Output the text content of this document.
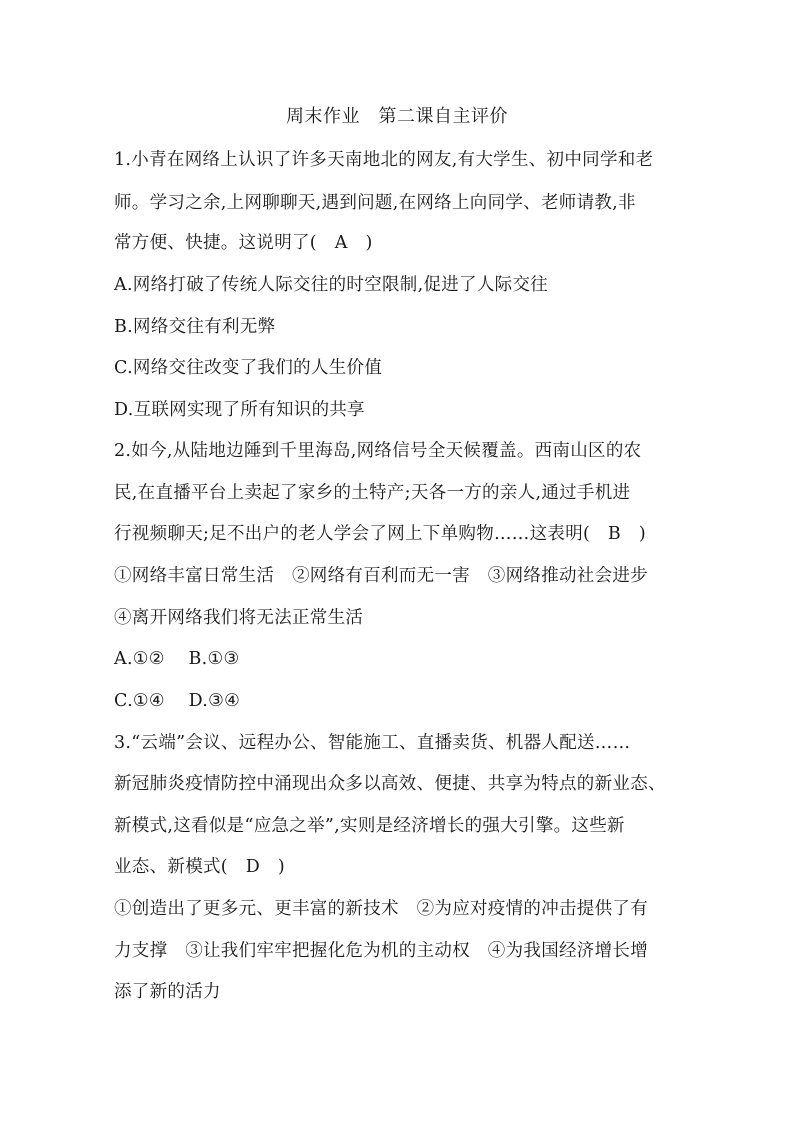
周末作业　第二课自主评价
1.小青在网络上认识了许多天南地北的网友,有大学生、初中同学和老
师。学习之余,上网聊聊天,遇到问题,在网络上向同学、老师请教,非
常方便、快捷。这说明了(　A　)
A.网络打破了传统人际交往的时空限制,促进了人际交往
B.网络交往有利无弊
C.网络交往改变了我们的人生价值
D.互联网实现了所有知识的共享
2.如今,从陆地边陲到千里海岛,网络信号全天候覆盖。西南山区的农
民,在直播平台上卖起了家乡的土特产;天各一方的亲人,通过手机进
行视频聊天;足不出户的老人学会了网上下单购物……这表明(　B　)
①网络丰富日常生活　②网络有百利而无一害　③网络推动社会进步
④离开网络我们将无法正常生活
A.①②　 B.①③
C.①④　 D.③④
3.“云端”会议、远程办公、智能施工、直播卖货、机器人配送……
新冠肺炎疫情防控中涌现出众多以高效、便捷、共享为特点的新业态、
新模式,这看似是“应急之举”,实则是经济增长的强大引擎。这些新
业态、新模式(　D　)
①创造出了更多元、更丰富的新技术　②为应对疫情的冲击提供了有
力支撑　③让我们牢牢把握化危为机的主动权　④为我国经济增长增
添了新的活力
